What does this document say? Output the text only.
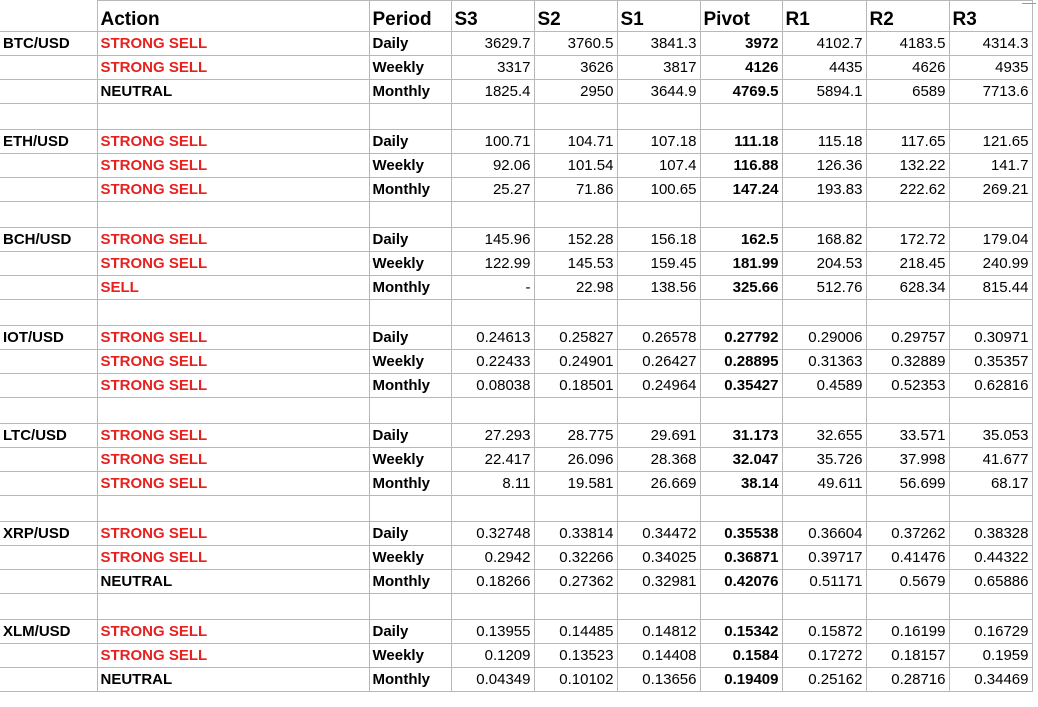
	Action	Period	S3	S2	S1	Pivot	R1	R2	R3
BTC/USD	STRONG SELL	Daily	3629.7	3760.5	3841.3	3972	4102.7	4183.5	4314.3
	STRONG SELL	Weekly	3317	3626	3817	4126	4435	4626	4935
	NEUTRAL	Monthly	1825.4	2950	3644.9	4769.5	5894.1	6589	7713.6

ETH/USD	STRONG SELL	Daily	100.71	104.71	107.18	111.18	115.18	117.65	121.65
	STRONG SELL	Weekly	92.06	101.54	107.4	116.88	126.36	132.22	141.7
	STRONG SELL	Monthly	25.27	71.86	100.65	147.24	193.83	222.62	269.21

BCH/USD	STRONG SELL	Daily	145.96	152.28	156.18	162.5	168.82	172.72	179.04
	STRONG SELL	Weekly	122.99	145.53	159.45	181.99	204.53	218.45	240.99
	SELL	Monthly	-	22.98	138.56	325.66	512.76	628.34	815.44

IOT/USD	STRONG SELL	Daily	0.24613	0.25827	0.26578	0.27792	0.29006	0.29757	0.30971
	STRONG SELL	Weekly	0.22433	0.24901	0.26427	0.28895	0.31363	0.32889	0.35357
	STRONG SELL	Monthly	0.08038	0.18501	0.24964	0.35427	0.4589	0.52353	0.62816

LTC/USD	STRONG SELL	Daily	27.293	28.775	29.691	31.173	32.655	33.571	35.053
	STRONG SELL	Weekly	22.417	26.096	28.368	32.047	35.726	37.998	41.677
	STRONG SELL	Monthly	8.11	19.581	26.669	38.14	49.611	56.699	68.17

XRP/USD	STRONG SELL	Daily	0.32748	0.33814	0.34472	0.35538	0.36604	0.37262	0.38328
	STRONG SELL	Weekly	0.2942	0.32266	0.34025	0.36871	0.39717	0.41476	0.44322
	NEUTRAL	Monthly	0.18266	0.27362	0.32981	0.42076	0.51171	0.5679	0.65886

XLM/USD	STRONG SELL	Daily	0.13955	0.14485	0.14812	0.15342	0.15872	0.16199	0.16729
	STRONG SELL	Weekly	0.1209	0.13523	0.14408	0.1584	0.17272	0.18157	0.1959
	NEUTRAL	Monthly	0.04349	0.10102	0.13656	0.19409	0.25162	0.28716	0.34469
